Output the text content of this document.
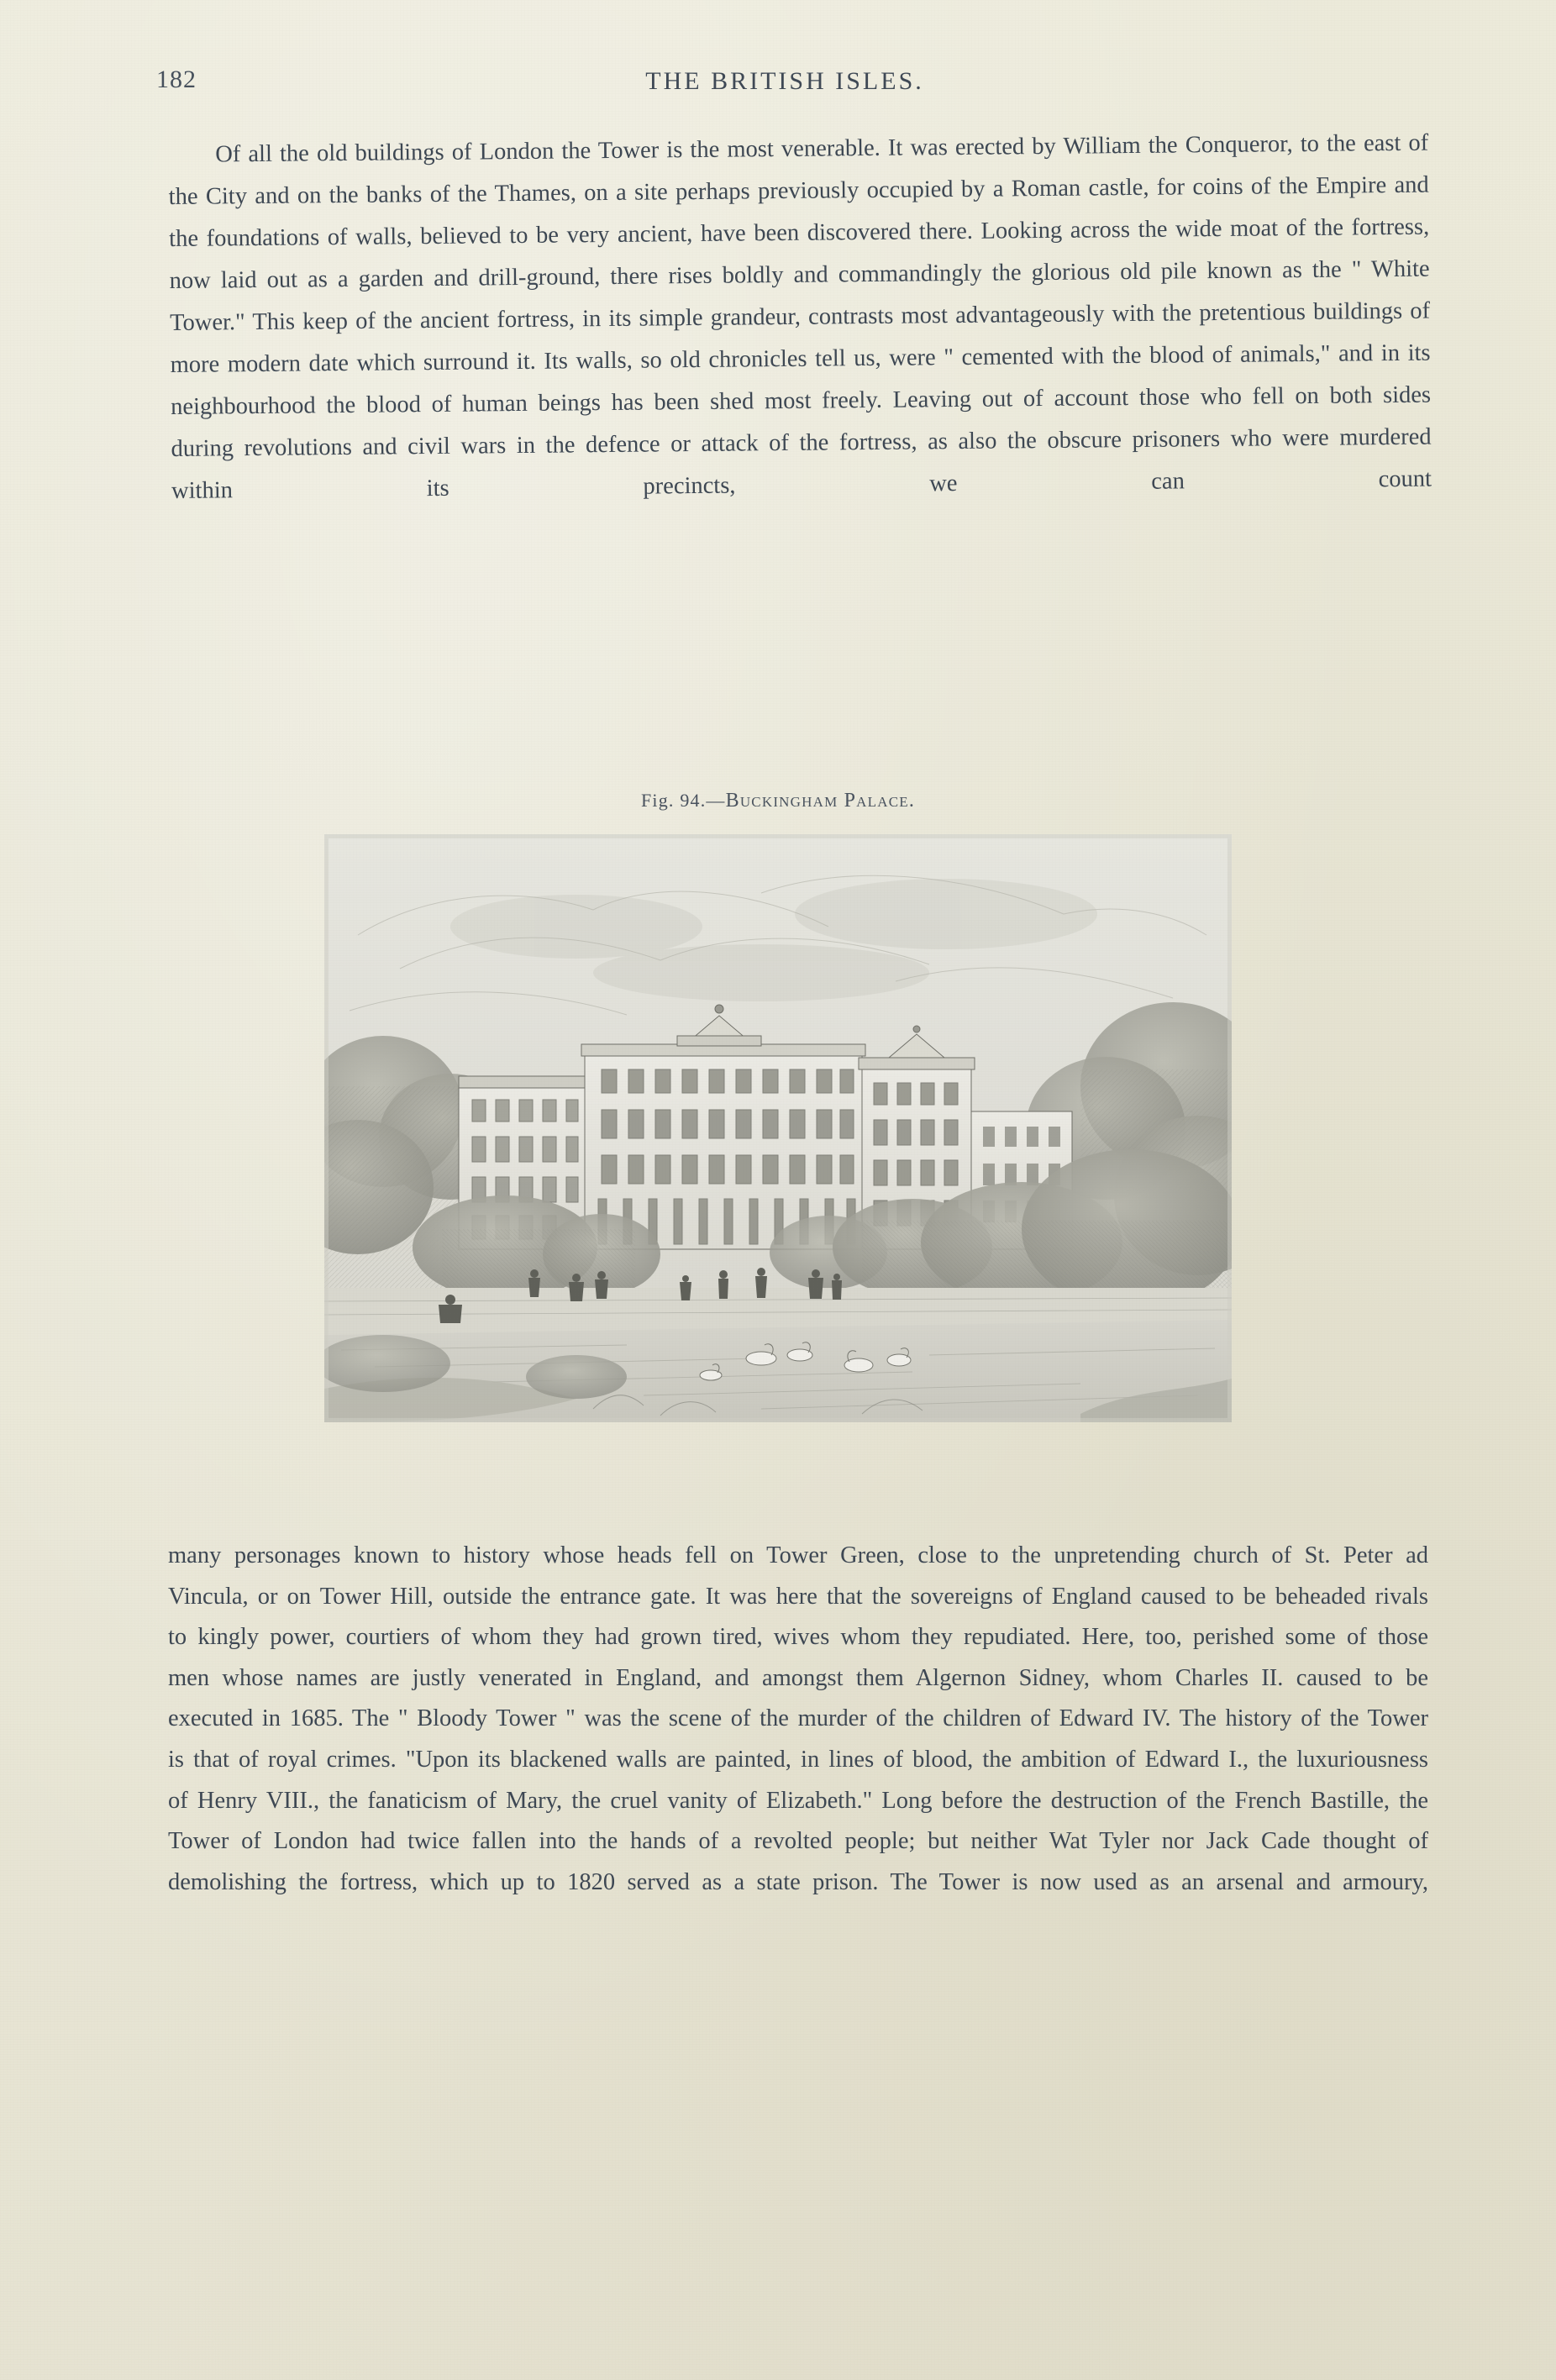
182	THE BRITISH ISLES.

Of all the old buildings of London the Tower is the most venerable. It was erected by William the Conqueror, to the east of the City and on the banks of the Thames, on a site perhaps previously occupied by a Roman castle, for coins of the Empire and the foundations of walls, believed to be very ancient, have been discovered there. Looking across the wide moat of the fortress, now laid out as a garden and drill-ground, there rises boldly and commandingly the glorious old pile known as the " White Tower." This keep of the ancient fortress, in its simple grandeur, contrasts most advantageously with the pretentious buildings of more modern date which surround it. Its walls, so old chronicles tell us, were " cemented with the blood of animals," and in its neighbourhood the blood of human beings has been shed most freely. Leaving out of account those who fell on both sides during revolutions and civil wars in the defence or attack of the fortress, as also the obscure prisoners who were murdered within its precincts, we can count

Fig. 94.—Buckingham Palace.

many personages known to history whose heads fell on Tower Green, close to the unpretending church of St. Peter ad Vincula, or on Tower Hill, outside the entrance gate. It was here that the sovereigns of England caused to be beheaded rivals to kingly power, courtiers of whom they had grown tired, wives whom they repudiated. Here, too, perished some of those men whose names are justly venerated in England, and amongst them Algernon Sidney, whom Charles II. caused to be executed in 1685. The " Bloody Tower " was the scene of the murder of the children of Edward IV. The history of the Tower is that of royal crimes. "Upon its blackened walls are painted, in lines of blood, the ambition of Edward I., the luxuriousness of Henry VIII., the fanaticism of Mary, the cruel vanity of Elizabeth." Long before the destruction of the French Bastille, the Tower of London had twice fallen into the hands of a revolted people; but neither Wat Tyler nor Jack Cade thought of demolishing the fortress, which up to 1820 served as a state prison. The Tower is now used as an arsenal and armoury,
